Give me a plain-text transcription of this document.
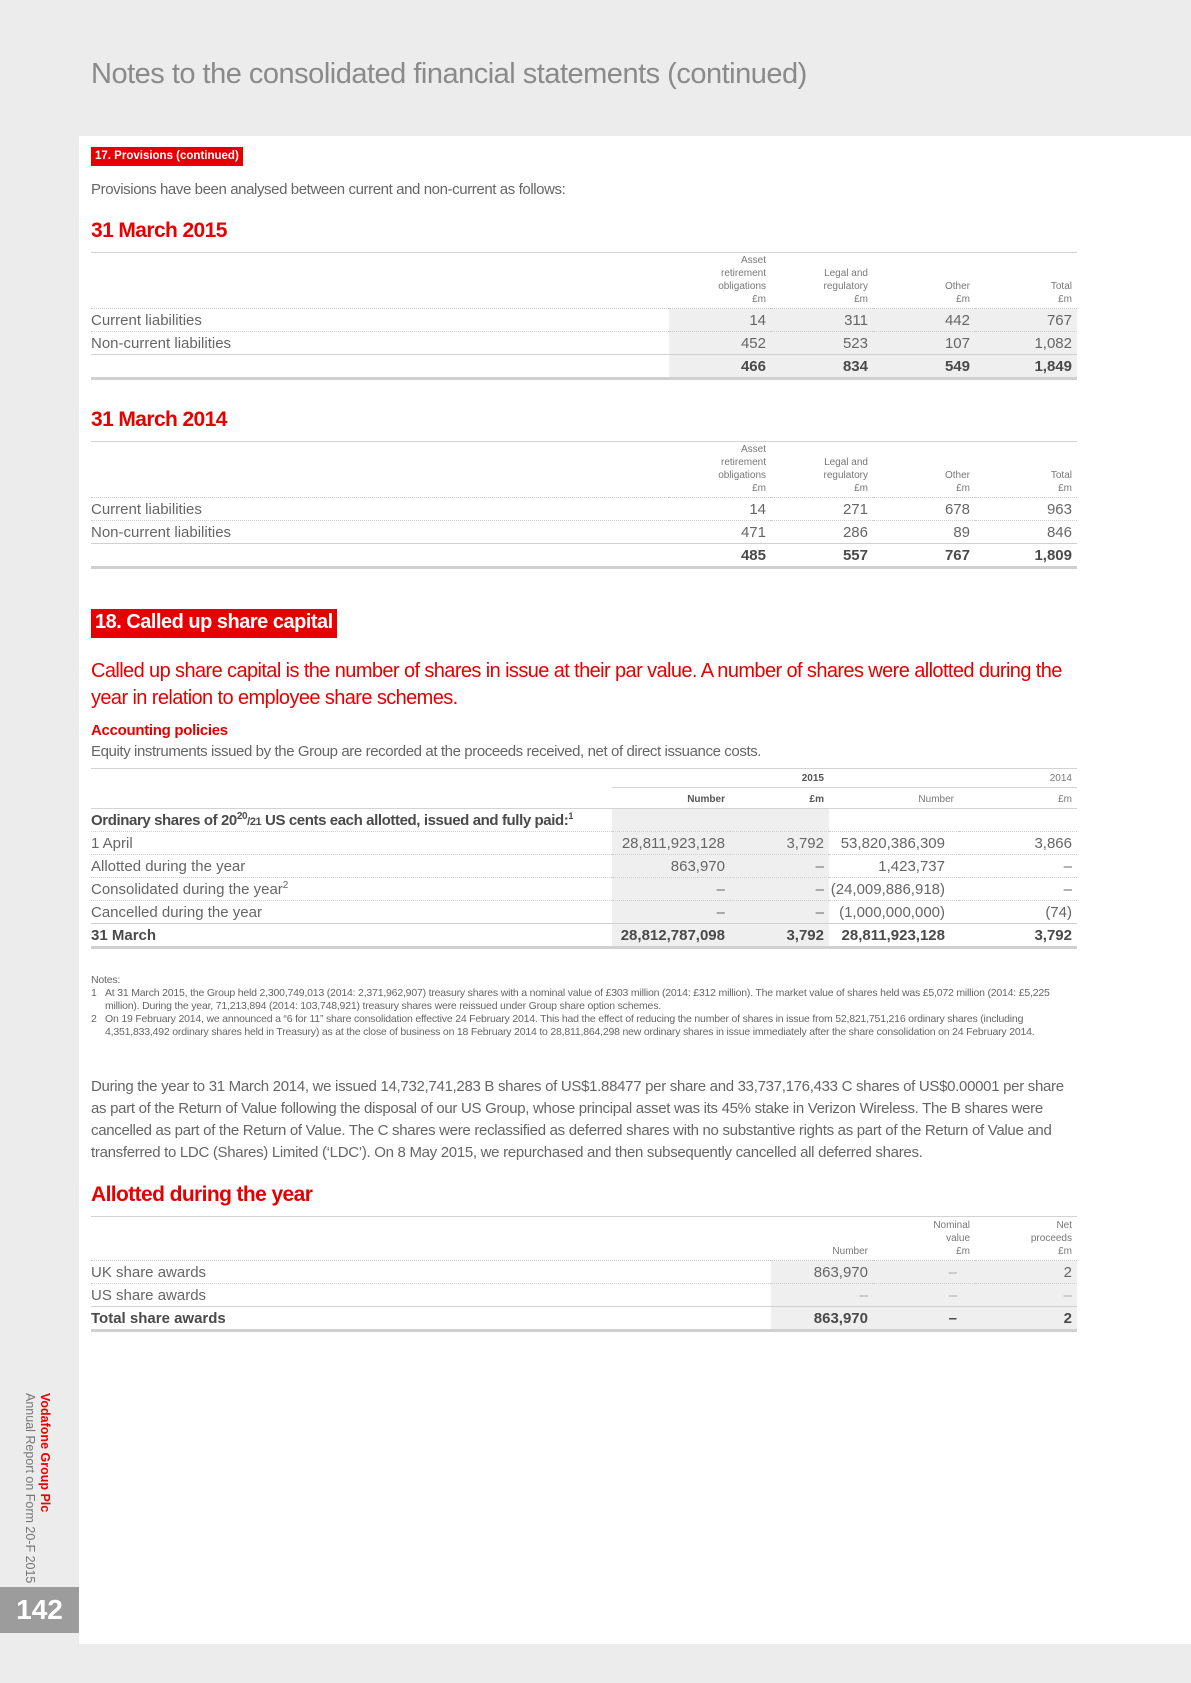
Notes to the consolidated financial statements (continued)
Vodafone Group Plc
Annual Report on Form 20-F 2015
142
17. Provisions (continued)
Provisions have been analysed between current and non-current as follows:
31 March 2015
	Asset
retirement
obligations
£m	Legal and
regulatory
£m	Other
£m	Total
£m
Current liabilities	14	311	442	767
Non-current liabilities	452	523	107	1,082
	466	834	549	1,849
31 March 2014
	Asset
retirement
obligations
£m	Legal and
regulatory
£m	Other
£m	Total
£m
Current liabilities	14	271	678	963
Non-current liabilities	471	286	89	846
	485	557	767	1,809
18. Called up share capital
Called up share capital is the number of shares in issue at their par value. A number of shares were allotted during the year in relation to employee share schemes.
Accounting policies
Equity instruments issued by the Group are recorded at the proceeds received, net of direct issuance costs.
	2015		2014	
	Number	£m	Number	£m
Ordinary shares of $20^{20}/21$ US cents each allotted, issued and fully paid:$^1$				
1 April	28,811,923,128	3,792	53,820,386,309	3,866
Allotted during the year	863,970	–	1,423,737	–
Consolidated during the year$^2$	–	–	(24,009,886,918)	–
Cancelled during the year	–	–	(1,000,000,000)	(74)
31 March	28,812,787,098	3,792	28,811,923,128	3,792
Notes:
1 At 31 March 2015, the Group held 2,300,749,013 (2014: 2,371,962,907) treasury shares with a nominal value of £303 million (2014: £312 million). The market value of shares held was £5,072 million (2014: £5,225 million). During the year, 71,213,894 (2014: 103,748,921) treasury shares were reissued under Group share option schemes.
2 On 19 February 2014, we announced a “6 for 11” share consolidation effective 24 February 2014. This had the effect of reducing the number of shares in issue from 52,821,751,216 ordinary shares (including 4,351,833,492 ordinary shares held in Treasury) as at the close of business on 18 February 2014 to 28,811,864,298 new ordinary shares in issue immediately after the share consolidation on 24 February 2014.
During the year to 31 March 2014, we issued 14,732,741,283 B shares of US$1.88477 per share and 33,737,176,433 C shares of US$0.00001 per share as part of the Return of Value following the disposal of our US Group, whose principal asset was its 45% stake in Verizon Wireless. The B shares were cancelled as part of the Return of Value. The C shares were reclassified as deferred shares with no substantive rights as part of the Return of Value and transferred to LDC (Shares) Limited (‘LDC’). On 8 May 2015, we repurchased and then subsequently cancelled all deferred shares.
Allotted during the year
	Number	Nominal
value
£m	Net
proceeds
£m
UK share awards	863,970	–	2
US share awards	–	–	–
Total share awards	863,970	–	2
